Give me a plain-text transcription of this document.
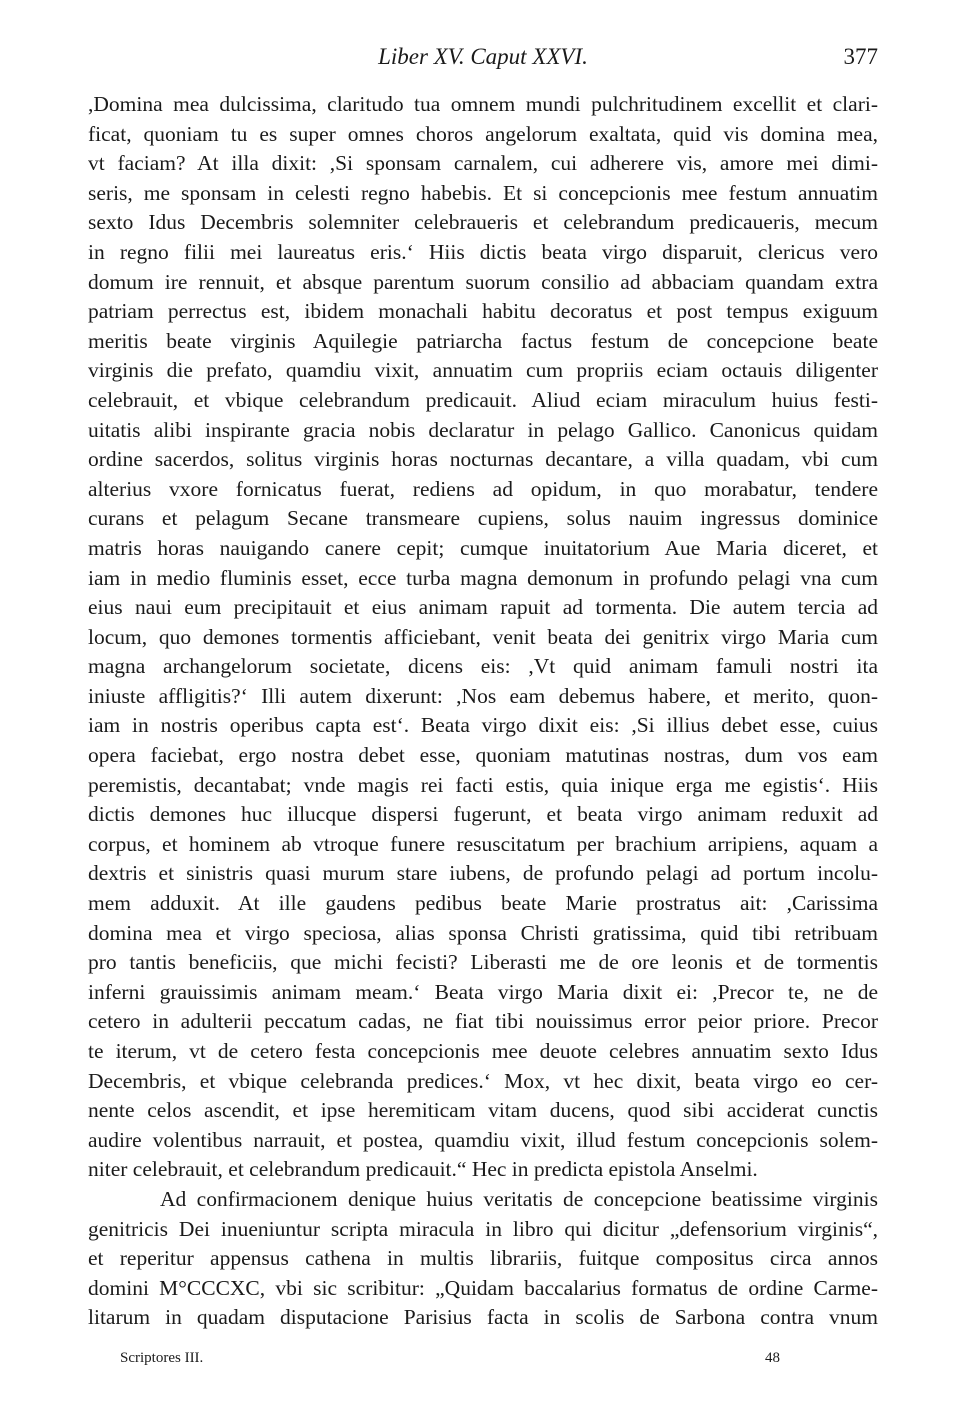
Liber XV. Caput XXVI.	377
,Domina mea dulcissima, claritudo tua omnem mundi pulchritudinem excellit et clari-
ficat, quoniam tu es super omnes choros angelorum exaltata, quid vis domina mea,
vt faciam? At illa dixit: ,Si sponsam carnalem, cui adherere vis, amore mei dimi-
seris, me sponsam in celesti regno habebis. Et si concepcionis mee festum annuatim
sexto Idus Decembris solemniter celebraueris et celebrandum predicaueris, mecum
in regno filii mei laureatus eris.‘ Hiis dictis beata virgo disparuit, clericus vero
domum ire rennuit, et absque parentum suorum consilio ad abbaciam quandam extra
patriam perrectus est, ibidem monachali habitu decoratus et post tempus exiguum
meritis beate virginis Aquilegie patriarcha factus festum de concepcione beate
virginis die prefato, quamdiu vixit, annuatim cum propriis eciam octauis diligenter
celebrauit, et vbique celebrandum predicauit. Aliud eciam miraculum huius festi-
uitatis alibi inspirante gracia nobis declaratur in pelago Gallico. Canonicus quidam
ordine sacerdos, solitus virginis horas nocturnas decantare, a villa quadam, vbi cum
alterius vxore fornicatus fuerat, rediens ad opidum, in quo morabatur, tendere
curans et pelagum Secane transmeare cupiens, solus nauim ingressus dominice
matris horas nauigando canere cepit; cumque inuitatorium Aue Maria diceret, et
iam in medio fluminis esset, ecce turba magna demonum in profundo pelagi vna cum
eius naui eum precipitauit et eius animam rapuit ad tormenta. Die autem tercia ad
locum, quo demones tormentis afficiebant, venit beata dei genitrix virgo Maria cum
magna archangelorum societate, dicens eis: ,Vt quid animam famuli nostri ita
iniuste affligitis?‘ Illi autem dixerunt: ,Nos eam debemus habere, et merito, quon-
iam in nostris operibus capta est‘. Beata virgo dixit eis: ,Si illius debet esse, cuius
opera faciebat, ergo nostra debet esse, quoniam matutinas nostras, dum vos eam
peremistis, decantabat; vnde magis rei facti estis, quia inique erga me egistis‘. Hiis
dictis demones huc illucque dispersi fugerunt, et beata virgo animam reduxit ad
corpus, et hominem ab vtroque funere resuscitatum per brachium arripiens, aquam a
dextris et sinistris quasi murum stare iubens, de profundo pelagi ad portum incolu-
mem adduxit. At ille gaudens pedibus beate Marie prostratus ait: ,Carissima
domina mea et virgo speciosa, alias sponsa Christi gratissima, quid tibi retribuam
pro tantis beneficiis, que michi fecisti? Liberasti me de ore leonis et de tormentis
inferni grauissimis animam meam.‘ Beata virgo Maria dixit ei: ,Precor te, ne de
cetero in adulterii peccatum cadas, ne fiat tibi nouissimus error peior priore. Precor
te iterum, vt de cetero festa concepcionis mee deuote celebres annuatim sexto Idus
Decembris, et vbique celebranda predices.‘ Mox, vt hec dixit, beata virgo eo cer-
nente celos ascendit, et ipse heremiticam vitam ducens, quod sibi acciderat cunctis
audire volentibus narrauit, et postea, quamdiu vixit, illud festum concepcionis solem-
niter celebrauit, et celebrandum predicauit.“ Hec in predicta epistola Anselmi.
Ad confirmacionem denique huius veritatis de concepcione beatissime virginis
genitricis Dei inueniuntur scripta miracula in libro qui dicitur „defensorium virginis“,
et reperitur appensus cathena in multis librariis, fuitque compositus circa annos
domini M°CCCXC, vbi sic scribitur: „Quidam baccalarius formatus de ordine Carme-
litarum in quadam disputacione Parisius facta in scolis de Sarbona contra vnum
Scriptores III.	48
